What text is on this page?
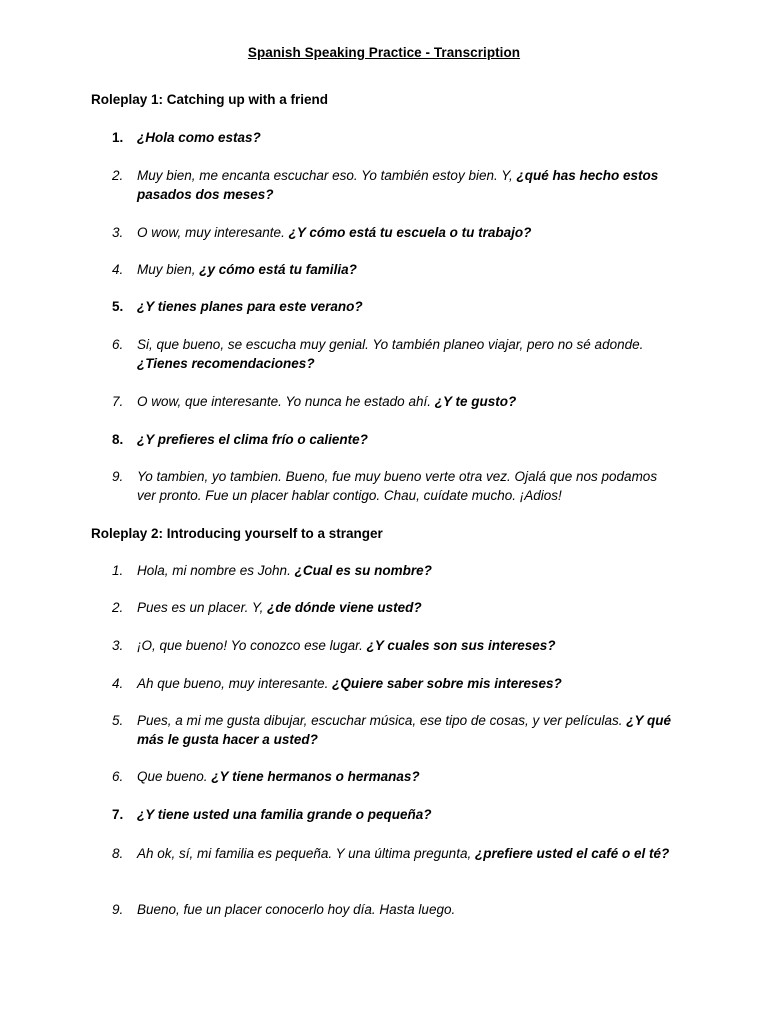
Spanish Speaking Practice - Transcription
Roleplay 1: Catching up with a friend
1.	¿Hola como estas?
2.	Muy bien, me encanta escuchar eso. Yo también estoy bien. Y, ¿qué has hecho estos pasados dos meses?
3.	O wow, muy interesante. ¿Y cómo está tu escuela o tu trabajo?
4.	Muy bien, ¿y cómo está tu familia?
5.	¿Y tienes planes para este verano?
6.	Si, que bueno, se escucha muy genial. Yo también planeo viajar, pero no sé adonde. ¿Tienes recomendaciones?
7.	O wow, que interesante. Yo nunca he estado ahí. ¿Y te gusto?
8.	¿Y prefieres el clima frío o caliente?
9.	Yo tambien, yo tambien. Bueno, fue muy bueno verte otra vez. Ojalá que nos podamos ver pronto. Fue un placer hablar contigo. Chau, cuídate mucho. ¡Adios!
Roleplay 2: Introducing yourself to a stranger
1.	Hola, mi nombre es John. ¿Cual es su nombre?
2.	Pues es un placer. Y, ¿de dónde viene usted?
3.	¡O, que bueno! Yo conozco ese lugar. ¿Y cuales son sus intereses?
4.	Ah que bueno, muy interesante. ¿Quiere saber sobre mis intereses?
5.	Pues, a mi me gusta dibujar, escuchar música, ese tipo de cosas, y ver películas. ¿Y qué más le gusta hacer a usted?
6.	Que bueno. ¿Y tiene hermanos o hermanas?
7.	¿Y tiene usted una familia grande o pequeña?
8.	Ah ok, sí, mi familia es pequeña. Y una última pregunta, ¿prefiere usted el café o el té?
9.	Bueno, fue un placer conocerlo hoy día. Hasta luego.
